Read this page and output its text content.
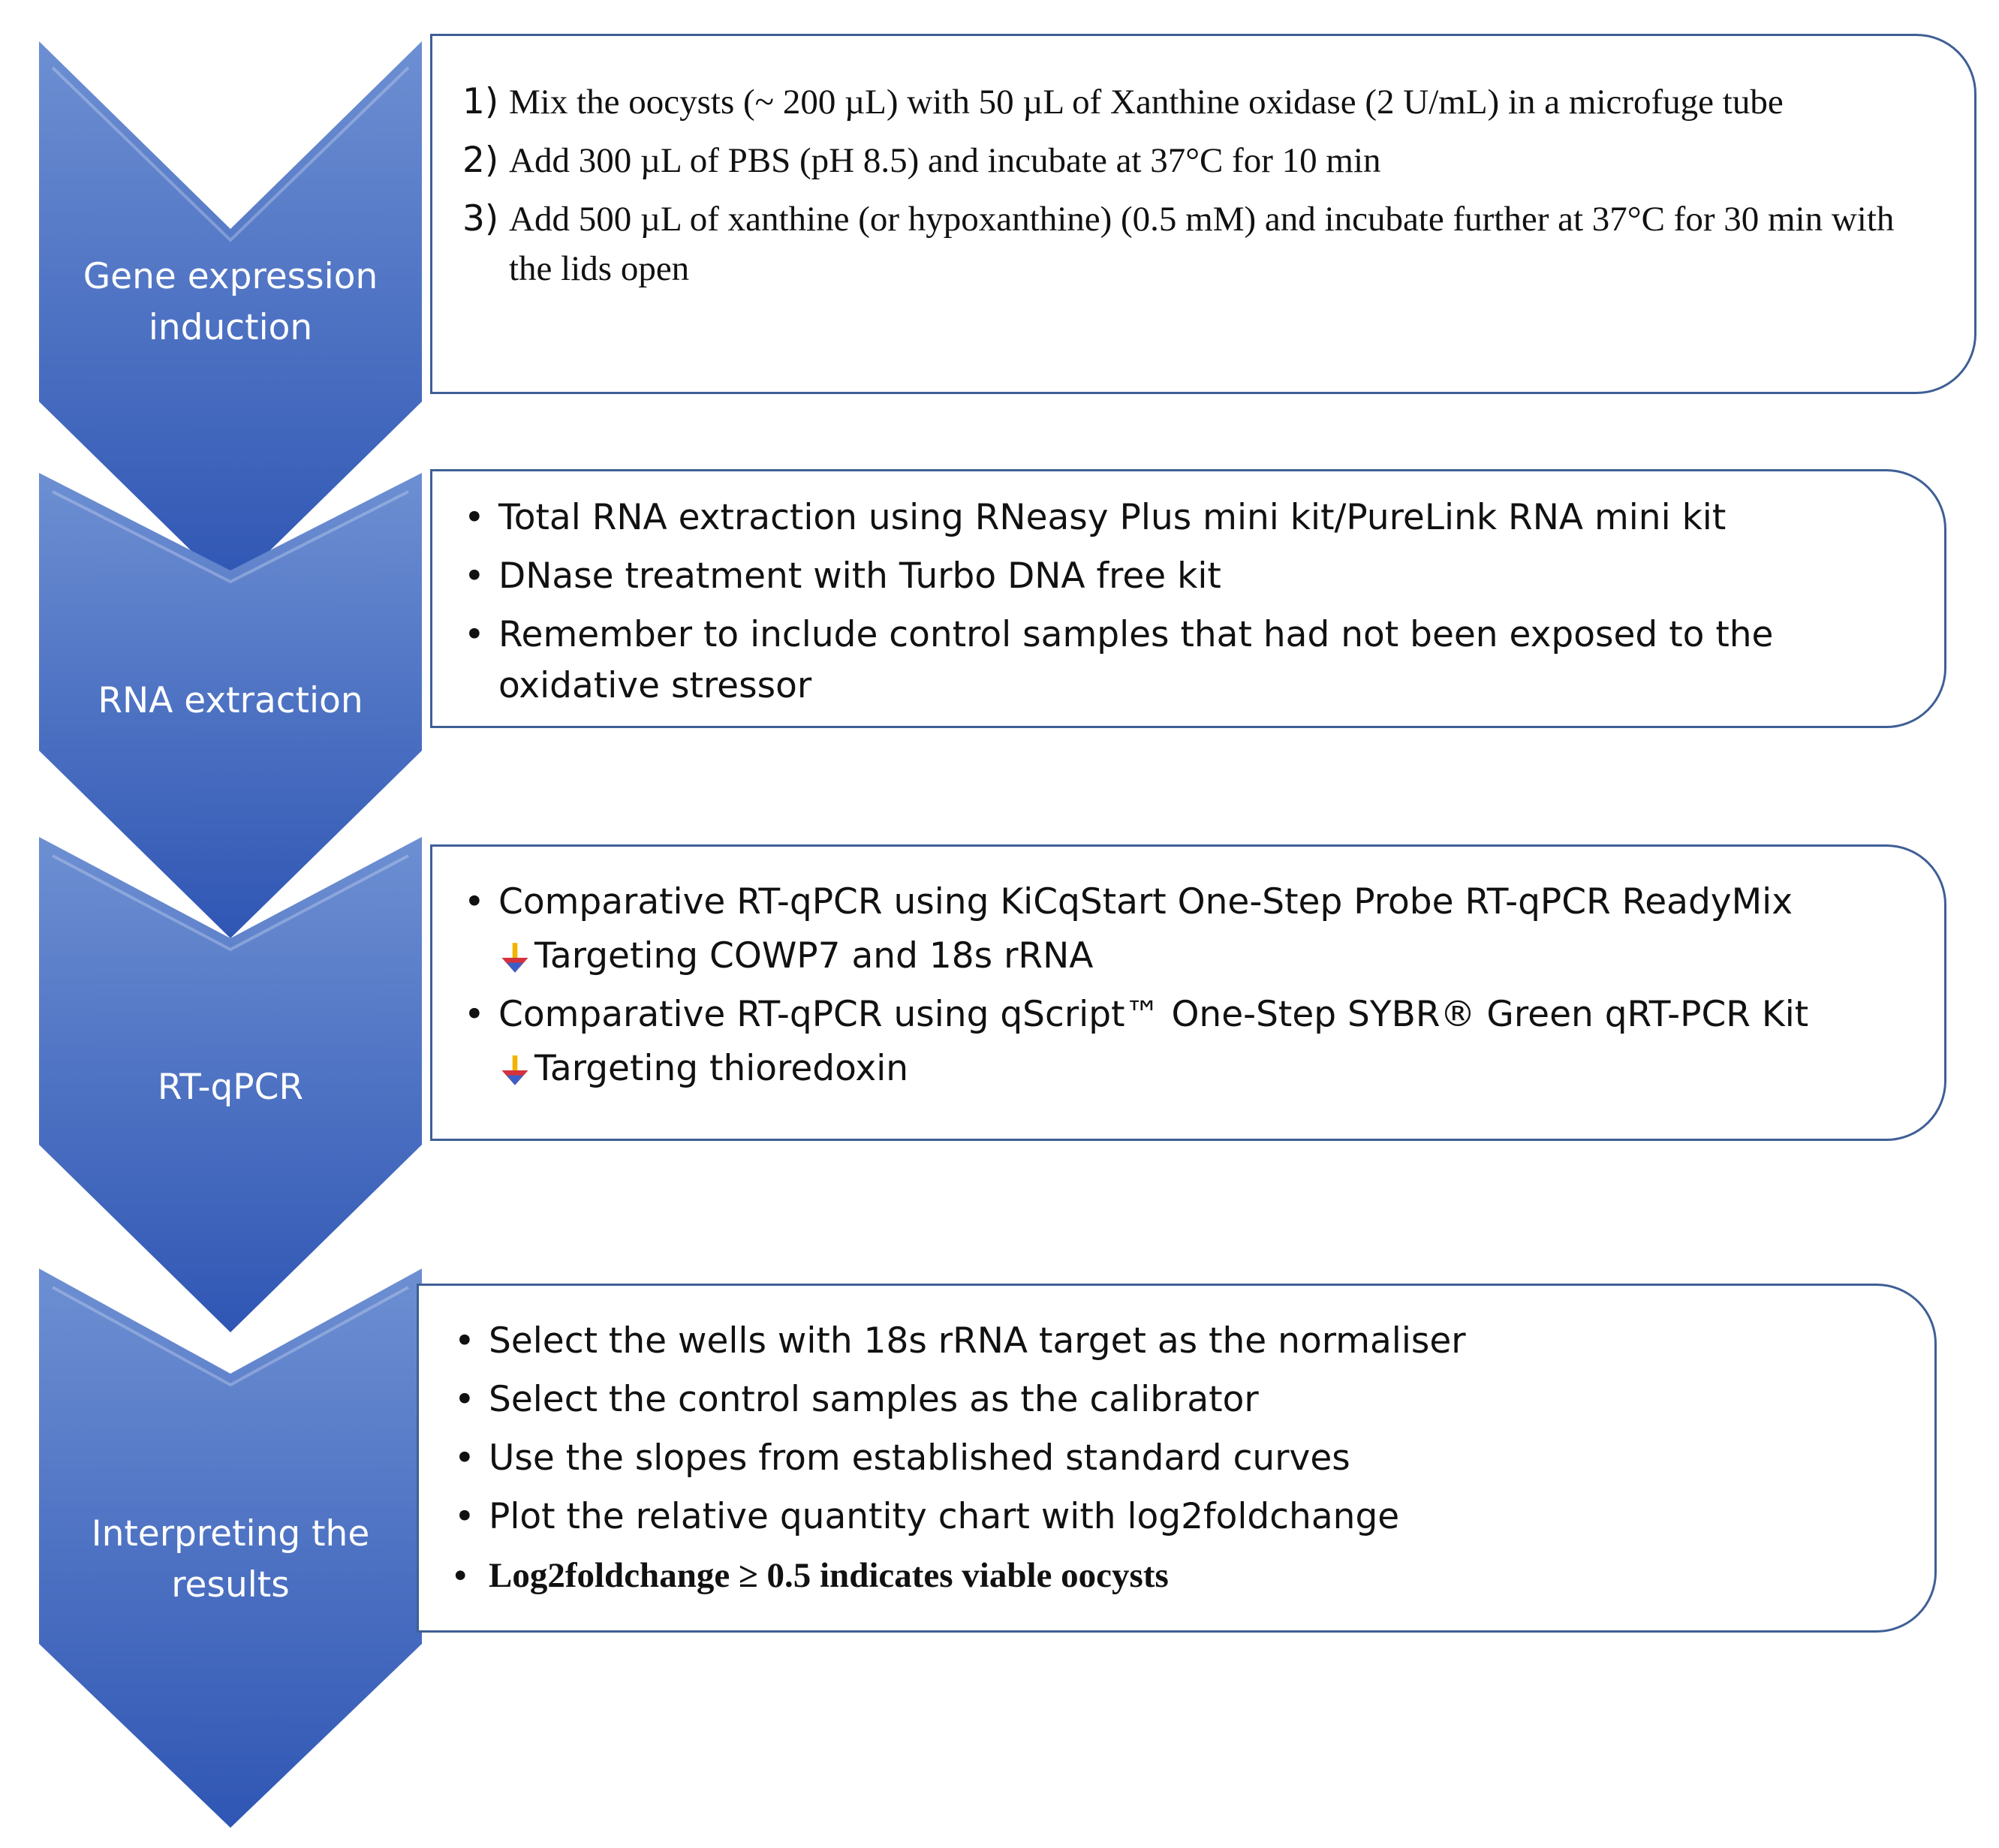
Gene expression
induction
RNA extraction
RT-qPCR
Interpreting the
results
1) Mix the oocysts (~ 200 µL) with 50 µL of Xanthine oxidase (2 U/mL) in a microfuge tube
2) Add 300 µL of PBS (pH 8.5) and incubate at 37°C for 10 min
3) Add 500 µL of xanthine (or hypoxanthine) (0.5 mM) and incubate further at 37°C for 30 min with the lids open
• Total RNA extraction using RNeasy Plus mini kit/PureLink RNA mini kit
• DNase treatment with Turbo DNA free kit
• Remember to include control samples that had not been exposed to the oxidative stressor
• Comparative RT-qPCR using KiCqStart One-Step Probe RT-qPCR ReadyMix
Targeting COWP7 and 18s rRNA
• Comparative RT-qPCR using qScript™ One-Step SYBR® Green qRT-PCR Kit
Targeting thioredoxin
• Select the wells with 18s rRNA target as the normaliser
• Select the control samples as the calibrator
• Use the slopes from established standard curves
• Plot the relative quantity chart with log2foldchange
• Log2foldchange ≥ 0.5 indicates viable oocysts
